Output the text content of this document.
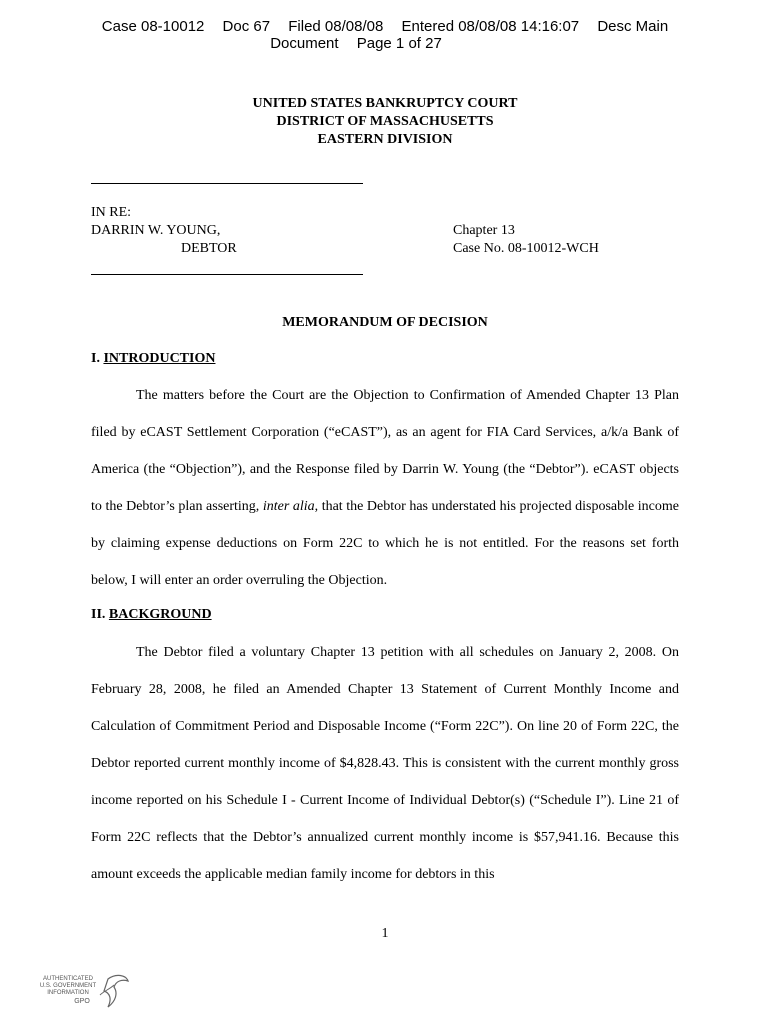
Case 08-10012 Doc 67 Filed 08/08/08 Entered 08/08/08 14:16:07 Desc Main
Document Page 1 of 27
UNITED STATES BANKRUPTCY COURT
DISTRICT OF MASSACHUSETTS
EASTERN DIVISION
IN RE:
DARRIN W. YOUNG,
DEBTOR
Chapter 13
Case No. 08-10012-WCH
MEMORANDUM OF DECISION
I. INTRODUCTION

The matters before the Court are the Objection to Confirmation of Amended Chapter 13 Plan filed by eCAST Settlement Corporation (“eCAST”), as an agent for FIA Card Services, a/k/a Bank of America (the “Objection”), and the Response filed by Darrin W. Young (the “Debtor”). eCAST objects to the Debtor’s plan asserting, inter alia, that the Debtor has understated his projected disposable income by claiming expense deductions on Form 22C to which he is not entitled. For the reasons set forth below, I will enter an order overruling the Objection.

II. BACKGROUND

The Debtor filed a voluntary Chapter 13 petition with all schedules on January 2, 2008. On February 28, 2008, he filed an Amended Chapter 13 Statement of Current Monthly Income and Calculation of Commitment Period and Disposable Income (“Form 22C”). On line 20 of Form 22C, the Debtor reported current monthly income of $4,828.43. This is consistent with the current monthly gross income reported on his Schedule I - Current Income of Individual Debtor(s) (“Schedule I”). Line 21 of Form 22C reflects that the Debtor’s annualized current monthly income is $57,941.16. Because this amount exceeds the applicable median family income for debtors in this

1
AUTHENTICATED
U.S. GOVERNMENT
INFORMATION
GPO
